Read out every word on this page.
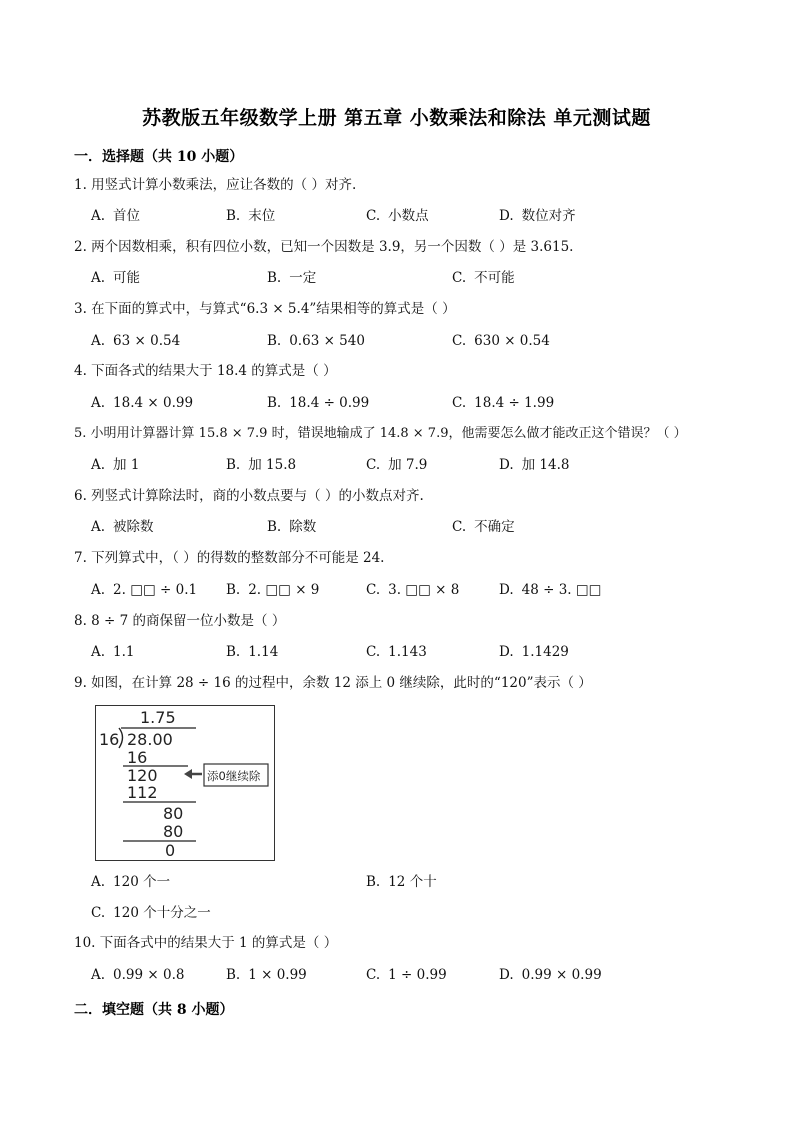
苏教版五年级数学上册 第五章 小数乘法和除法 单元测试题
一．选择题（共 10 小题）
1. 用竖式计算小数乘法，应让各数的（ ）对齐.
A. 首位	B. 末位	C. 小数点	D. 数位对齐
2. 两个因数相乘，积有四位小数，已知一个因数是 3.9，另一个因数（ ）是 3.615.
A. 可能	B. 一定	C. 不可能
3. 在下面的算式中，与算式“6.3 × 5.4”结果相等的算式是（ ）
A. 63 × 0.54	B. 0.63 × 540	C. 630 × 0.54
4. 下面各式的结果大于 18.4 的算式是（ ）
A. 18.4 × 0.99	B. 18.4 ÷ 0.99	C. 18.4 ÷ 1.99
5. 小明用计算器计算 15.8 × 7.9 时，错误地输成了 14.8 × 7.9，他需要怎么做才能改正这个错误？（ ）
A. 加 1	B. 加 15.8	C. 加 7.9	D. 加 14.8
6. 列竖式计算除法时，商的小数点要与（ ）的小数点对齐.
A. 被除数	B. 除数	C. 不确定
7. 下列算式中，（ ）的得数的整数部分不可能是 24.
A. 2. □□ ÷ 0.1 B. 2. □□ × 9	C. 3. □□ × 8	D. 48 ÷ 3. □□
8. 8 ÷ 7 的商保留一位小数是（ ）
A. 1.1	B. 1.14	C. 1.143	D. 1.1429
9. 如图，在计算 28 ÷ 16 的过程中，余数 12 添上 0 继续除，此时的“120”表示（ ）
1.75
16 28.00
16
120
112
80
80
0
添0继续除
A. 120 个一	B. 12 个十
C. 120 个十分之一
10. 下面各式中的结果大于 1 的算式是（ ）
A. 0.99 × 0.8	B. 1 × 0.99	C. 1 ÷ 0.99	D. 0.99 × 0.99
二．填空题（共 8 小题）
